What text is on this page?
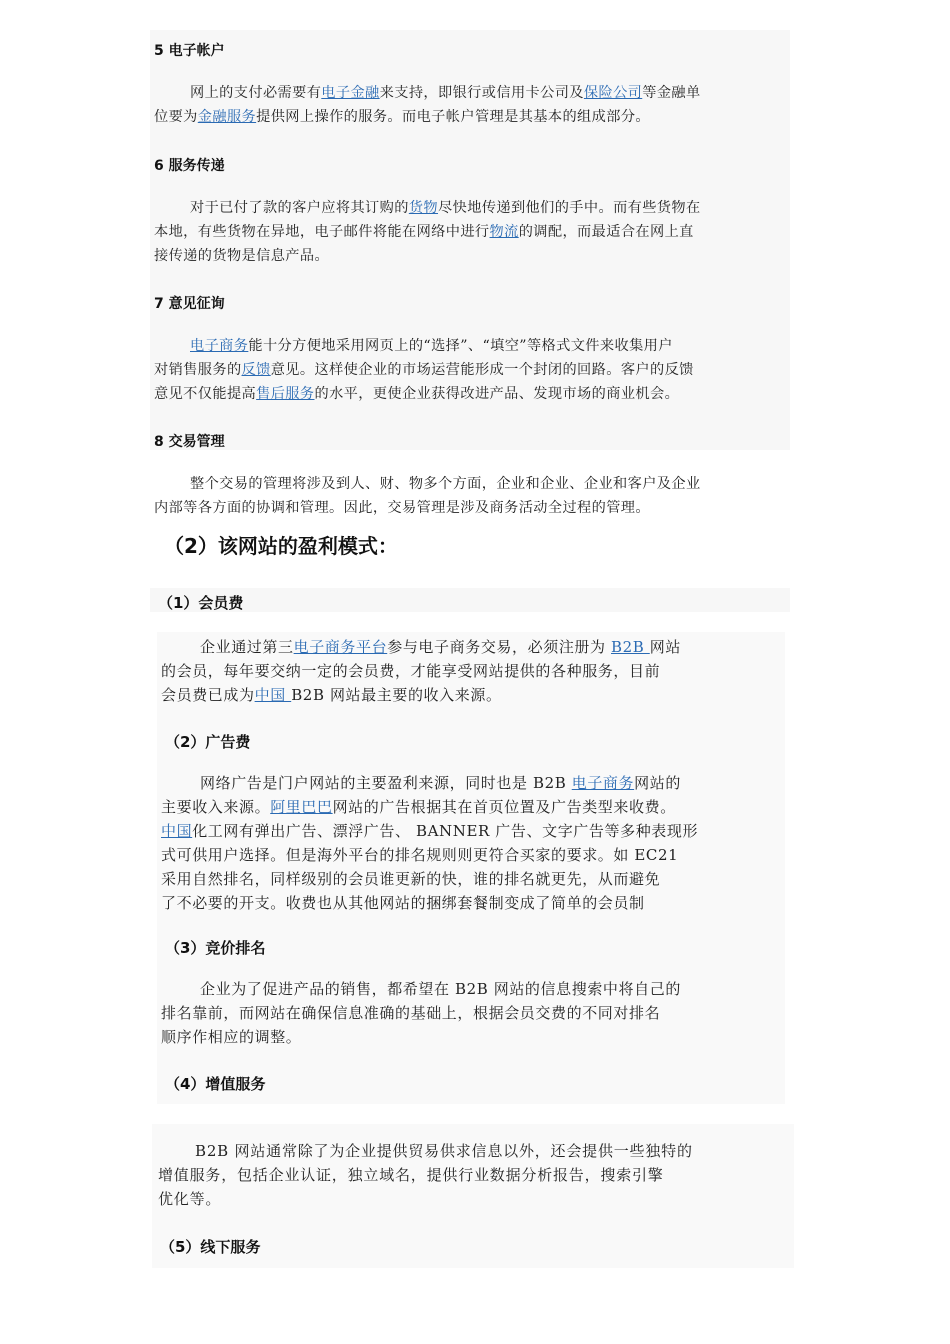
5 电子帐户
网上的支付必需要有电子金融来支持，即银行或信用卡公司及保险公司等金融单
位要为金融服务提供网上操作的服务。而电子帐户管理是其基本的组成部分。
6 服务传递
对于已付了款的客户应将其订购的货物尽快地传递到他们的手中。而有些货物在
本地，有些货物在异地，电子邮件将能在网络中进行物流的调配，而最适合在网上直
接传递的货物是信息产品。
7 意见征询
电子商务能十分方便地采用网页上的“选择”、“填空”等格式文件来收集用户
对销售服务的反馈意见。这样使企业的市场运营能形成一个封闭的回路。客户的反馈
意见不仅能提高售后服务的水平，更使企业获得改进产品、发现市场的商业机会。
8 交易管理
整个交易的管理将涉及到人、财、物多个方面，企业和企业、企业和客户及企业
内部等各方面的协调和管理。因此，交易管理是涉及商务活动全过程的管理。
（2）该网站的盈利模式：
（1）会员费
企业通过第三电子商务平台参与电子商务交易，必须注册为 B2B 网站
的会员，每年要交纳一定的会员费，才能享受网站提供的各种服务，目前
会员费已成为中国 B2B 网站最主要的收入来源。
（2）广告费
网络广告是门户网站的主要盈利来源，同时也是 B2B 电子商务网站的
主要收入来源。阿里巴巴网站的广告根据其在首页位置及广告类型来收费。
中国化工网有弹出广告、漂浮广告、 BANNER 广告、文字广告等多种表现形
式可供用户选择。但是海外平台的排名规则则更符合买家的要求。如 EC21
采用自然排名，同样级别的会员谁更新的快，谁的排名就更先，从而避免
了不必要的开支。收费也从其他网站的捆绑套餐制变成了简单的会员制
（3）竞价排名
企业为了促进产品的销售，都希望在 B2B 网站的信息搜索中将自己的
排名靠前，而网站在确保信息准确的基础上，根据会员交费的不同对排名
顺序作相应的调整。
（4）增值服务
B2B 网站通常除了为企业提供贸易供求信息以外，还会提供一些独特的
增值服务，包括企业认证，独立域名，提供行业数据分析报告，搜索引擎
优化等。
（5）线下服务
